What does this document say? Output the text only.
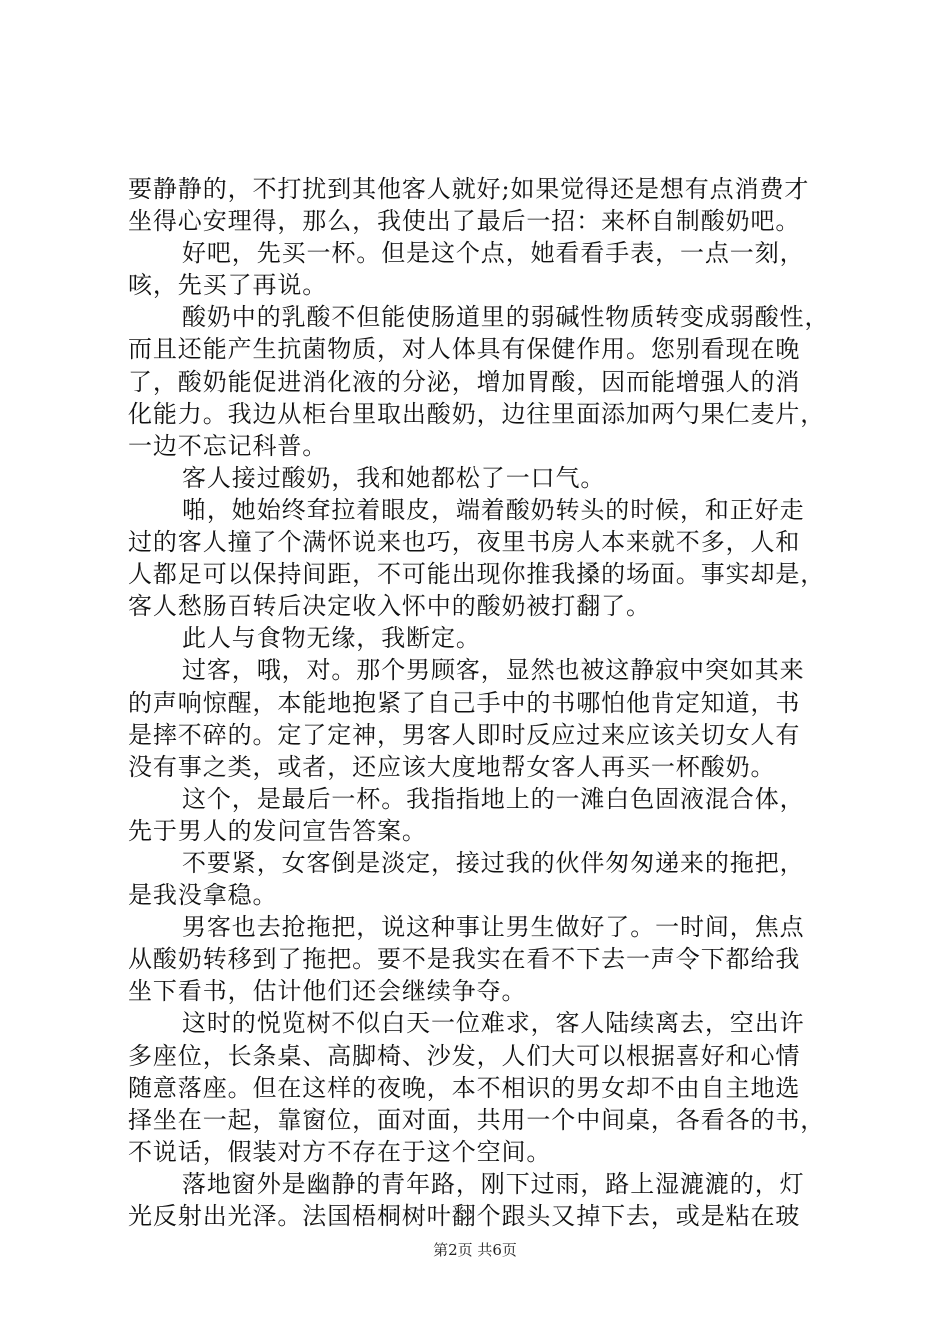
要静静的，不打扰到其他客人就好;如果觉得还是想有点消费才
坐得心安理得，那么，我使出了最后一招：来杯自制酸奶吧。
好吧，先买一杯。但是这个点，她看看手表，一点一刻，
咳，先买了再说。
酸奶中的乳酸不但能使肠道里的弱碱性物质转变成弱酸性，
而且还能产生抗菌物质，对人体具有保健作用。您别看现在晚
了，酸奶能促进消化液的分泌，增加胃酸，因而能增强人的消
化能力。我边从柜台里取出酸奶，边往里面添加两勺果仁麦片，
一边不忘记科普。
客人接过酸奶，我和她都松了一口气。
啪，她始终耷拉着眼皮，端着酸奶转头的时候，和正好走
过的客人撞了个满怀说来也巧，夜里书房人本来就不多，人和
人都足可以保持间距，不可能出现你推我搡的场面。事实却是，
客人愁肠百转后决定收入怀中的酸奶被打翻了。
此人与食物无缘，我断定。
过客，哦，对。那个男顾客，显然也被这静寂中突如其来
的声响惊醒，本能地抱紧了自己手中的书哪怕他肯定知道，书
是摔不碎的。定了定神，男客人即时反应过来应该关切女人有
没有事之类，或者，还应该大度地帮女客人再买一杯酸奶。
这个，是最后一杯。我指指地上的一滩白色固液混合体，
先于男人的发问宣告答案。
不要紧，女客倒是淡定，接过我的伙伴匆匆递来的拖把，
是我没拿稳。
男客也去抢拖把，说这种事让男生做好了。一时间，焦点
从酸奶转移到了拖把。要不是我实在看不下去一声令下都给我
坐下看书，估计他们还会继续争夺。
这时的悦览树不似白天一位难求，客人陆续离去，空出许
多座位，长条桌、高脚椅、沙发，人们大可以根据喜好和心情
随意落座。但在这样的夜晚，本不相识的男女却不由自主地选
择坐在一起，靠窗位，面对面，共用一个中间桌，各看各的书，
不说话，假装对方不存在于这个空间。
落地窗外是幽静的青年路，刚下过雨，路上湿漉漉的，灯
光反射出光泽。法国梧桐树叶翻个跟头又掉下去，或是粘在玻
第2页 共6页
